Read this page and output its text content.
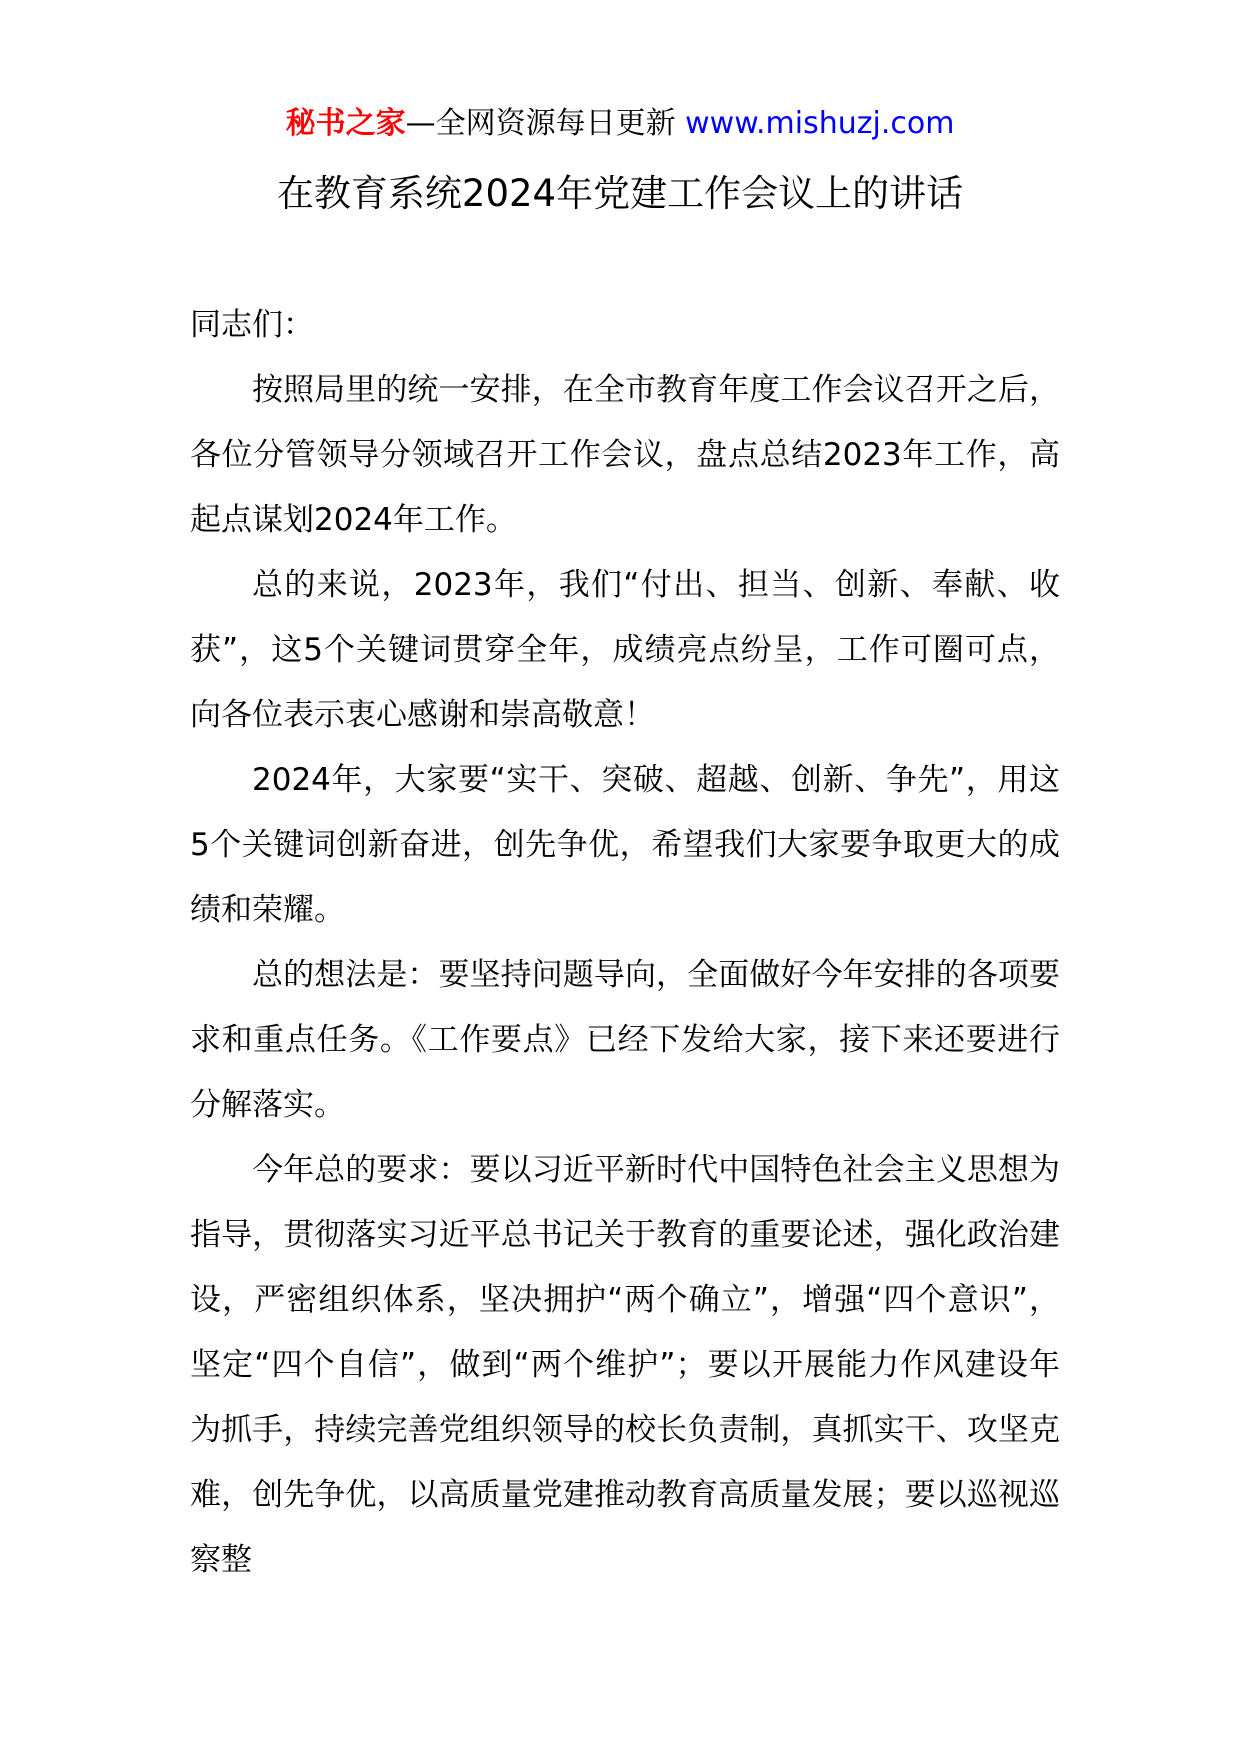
秘书之家—全网资源每日更新 www.mishuzj.com
在教育系统2024年党建工作会议上的讲话

同志们：

按照局里的统一安排，在全市教育年度工作会议召开之后，各位分管领导分领域召开工作会议，盘点总结2023年工作，高起点谋划2024年工作。

总的来说，2023年，我们“付出、担当、创新、奉献、收获”，这5个关键词贯穿全年，成绩亮点纷呈，工作可圈可点，向各位表示衷心感谢和崇高敬意！

2024年，大家要“实干、突破、超越、创新、争先”，用这5个关键词创新奋进，创先争优，希望我们大家要争取更大的成绩和荣耀。

总的想法是：要坚持问题导向，全面做好今年安排的各项要求和重点任务。《工作要点》已经下发给大家，接下来还要进行分解落实。

今年总的要求：要以习近平新时代中国特色社会主义思想为指导，贯彻落实习近平总书记关于教育的重要论述，强化政治建设，严密组织体系，坚决拥护“两个确立”，增强“四个意识”，坚定“四个自信”，做到“两个维护”；要以开展能力作风建设年为抓手，持续完善党组织领导的校长负责制，真抓实干、攻坚克难，创先争优，以高质量党建推动教育高质量发展；要以巡视巡察整
